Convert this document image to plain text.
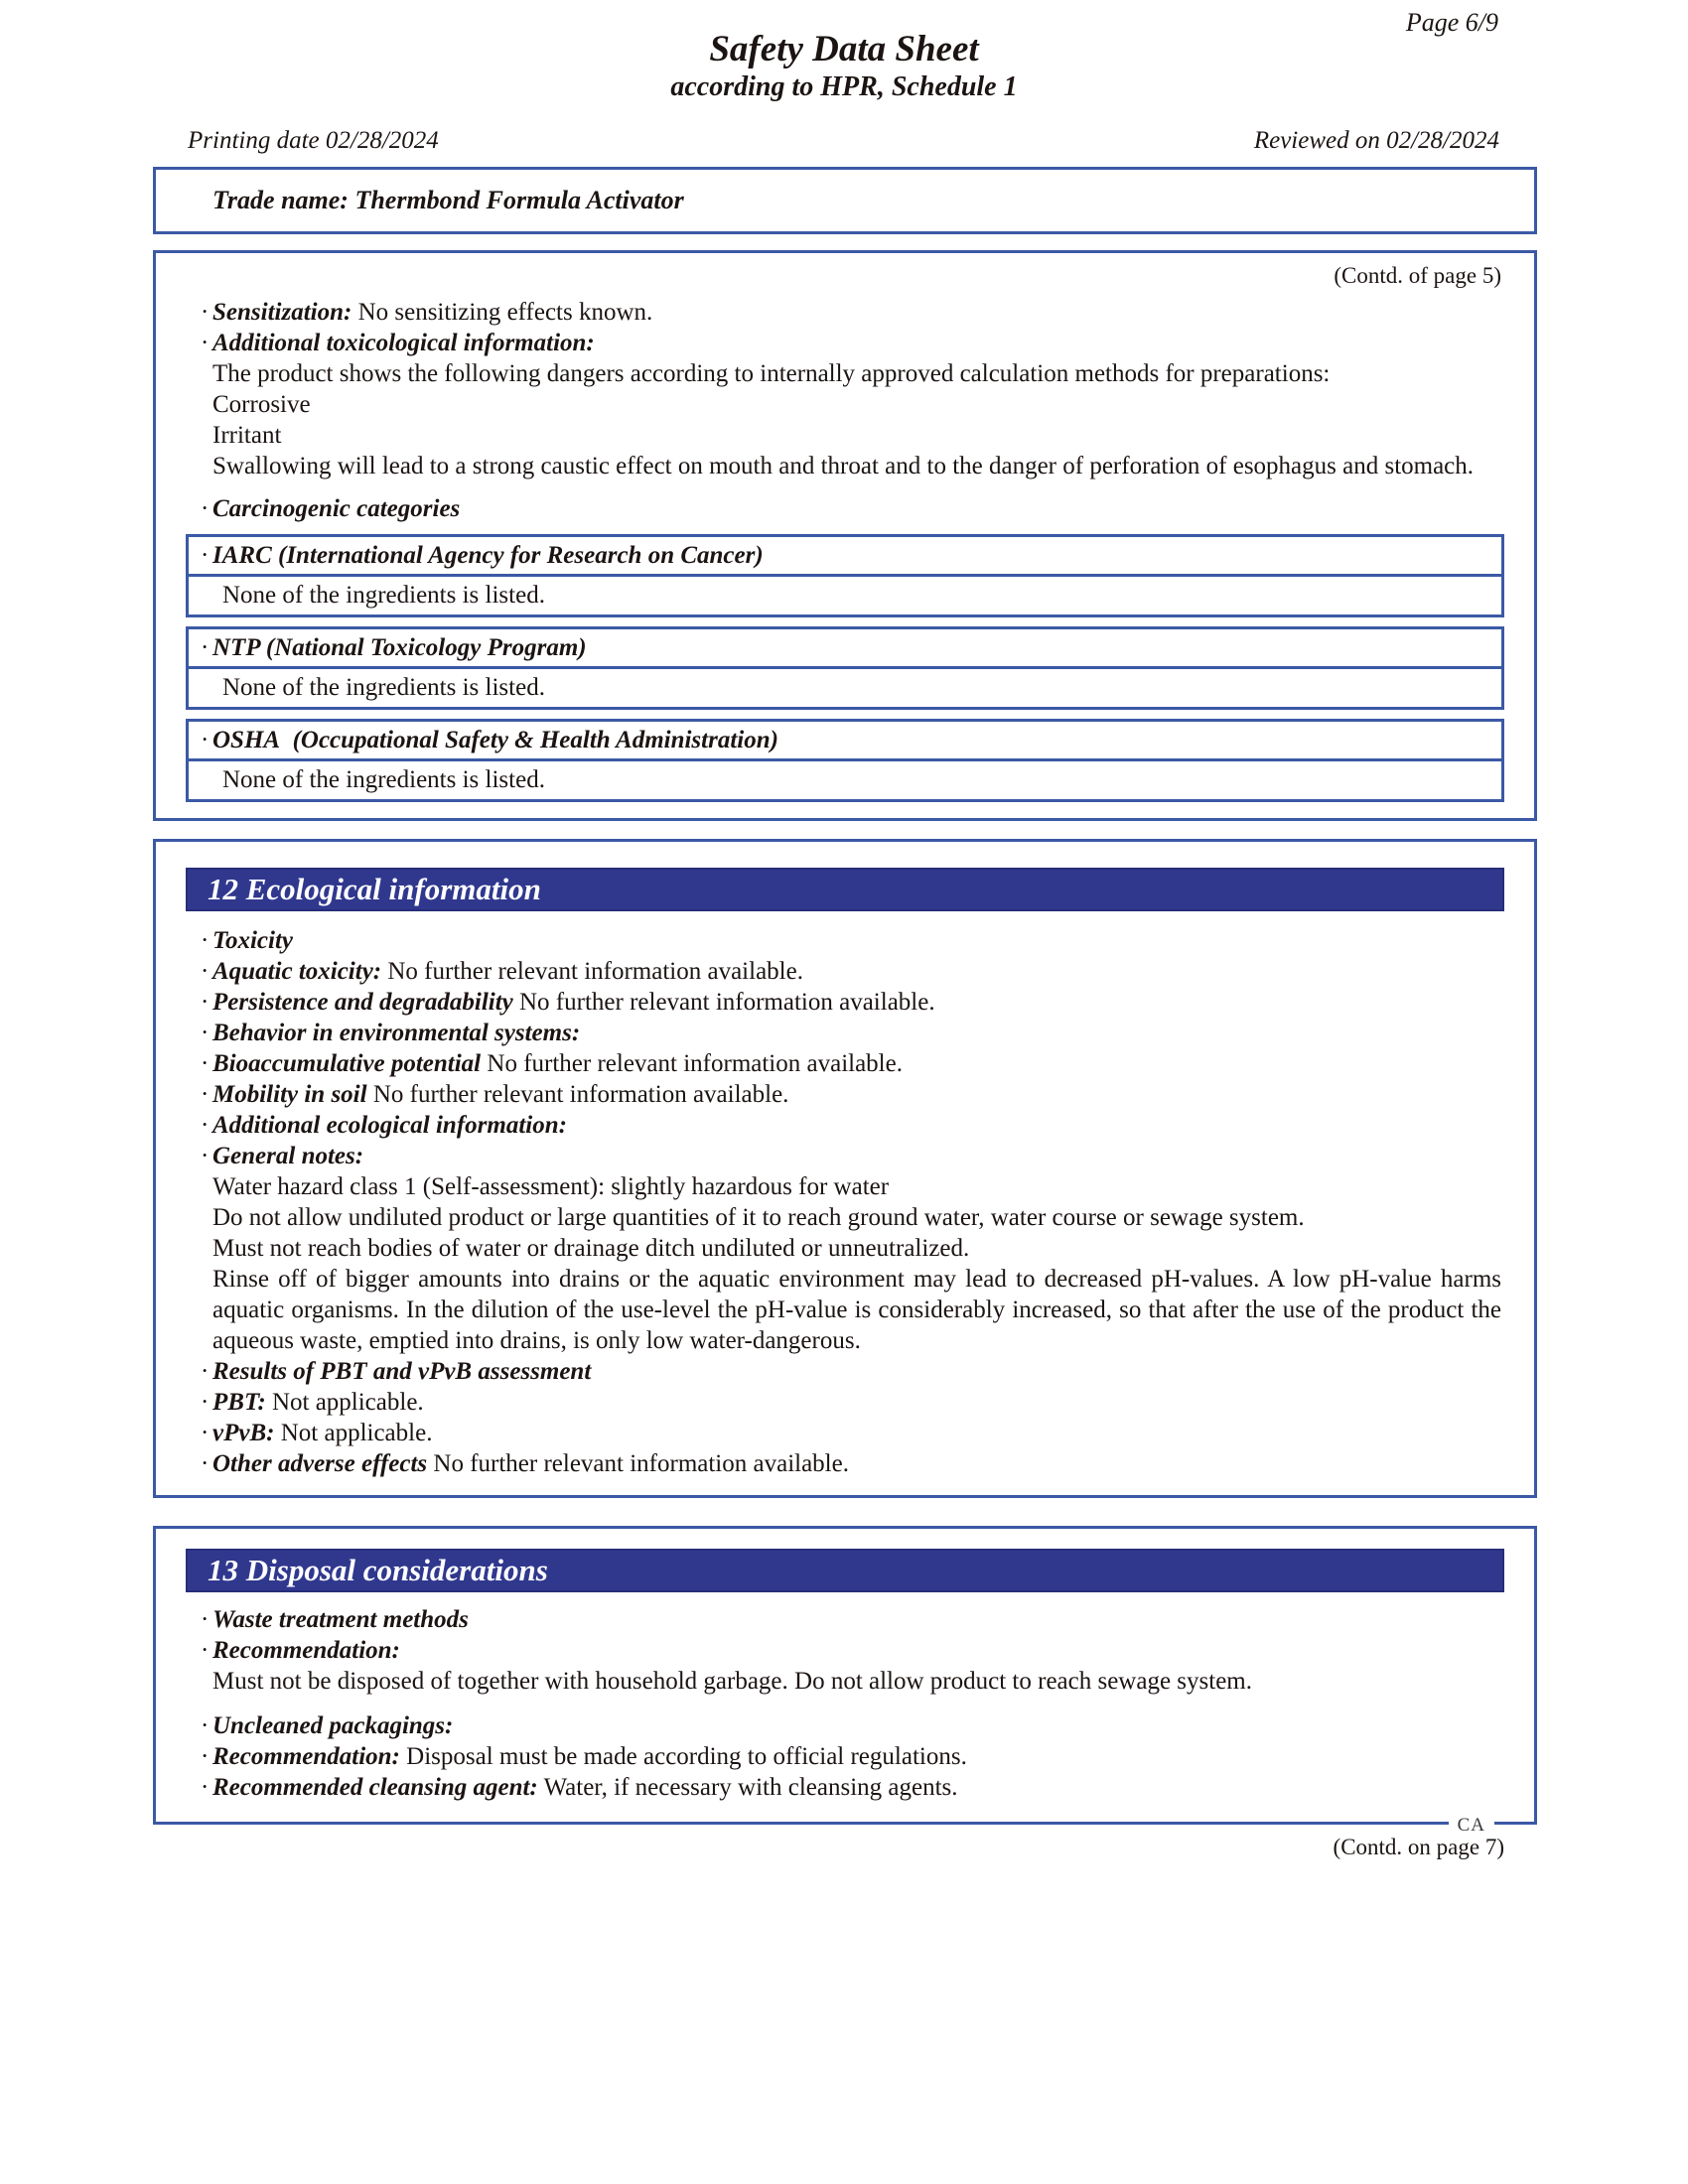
Page 6/9
Safety Data Sheet
according to HPR, Schedule 1
Printing date 02/28/2024	Reviewed on 02/28/2024
Trade name: Thermbond Formula Activator
(Contd. of page 5)
· Sensitization: No sensitizing effects known.
· Additional toxicological information:
The product shows the following dangers according to internally approved calculation methods for preparations:
Corrosive
Irritant
Swallowing will lead to a strong caustic effect on mouth and throat and to the danger of perforation of esophagus and stomach.
· Carcinogenic categories
· IARC (International Agency for Research on Cancer)
None of the ingredients is listed.
· NTP (National Toxicology Program)
None of the ingredients is listed.
· OSHA  (Occupational Safety & Health Administration)
None of the ingredients is listed.
12 Ecological information
· Toxicity
· Aquatic toxicity: No further relevant information available.
· Persistence and degradability No further relevant information available.
· Behavior in environmental systems:
· Bioaccumulative potential No further relevant information available.
· Mobility in soil No further relevant information available.
· Additional ecological information:
· General notes:
Water hazard class 1 (Self-assessment): slightly hazardous for water
Do not allow undiluted product or large quantities of it to reach ground water, water course or sewage system.
Must not reach bodies of water or drainage ditch undiluted or unneutralized.
Rinse off of bigger amounts into drains or the aquatic environment may lead to decreased pH-values. A low pH-value harms aquatic organisms. In the dilution of the use-level the pH-value is considerably increased, so that after the use of the product the aqueous waste, emptied into drains, is only low water-dangerous.
· Results of PBT and vPvB assessment
· PBT: Not applicable.
· vPvB: Not applicable.
· Other adverse effects No further relevant information available.
13 Disposal considerations
· Waste treatment methods
· Recommendation:
Must not be disposed of together with household garbage. Do not allow product to reach sewage system.
· Uncleaned packagings:
· Recommendation: Disposal must be made according to official regulations.
· Recommended cleansing agent: Water, if necessary with cleansing agents.
CA
(Contd. on page 7)
